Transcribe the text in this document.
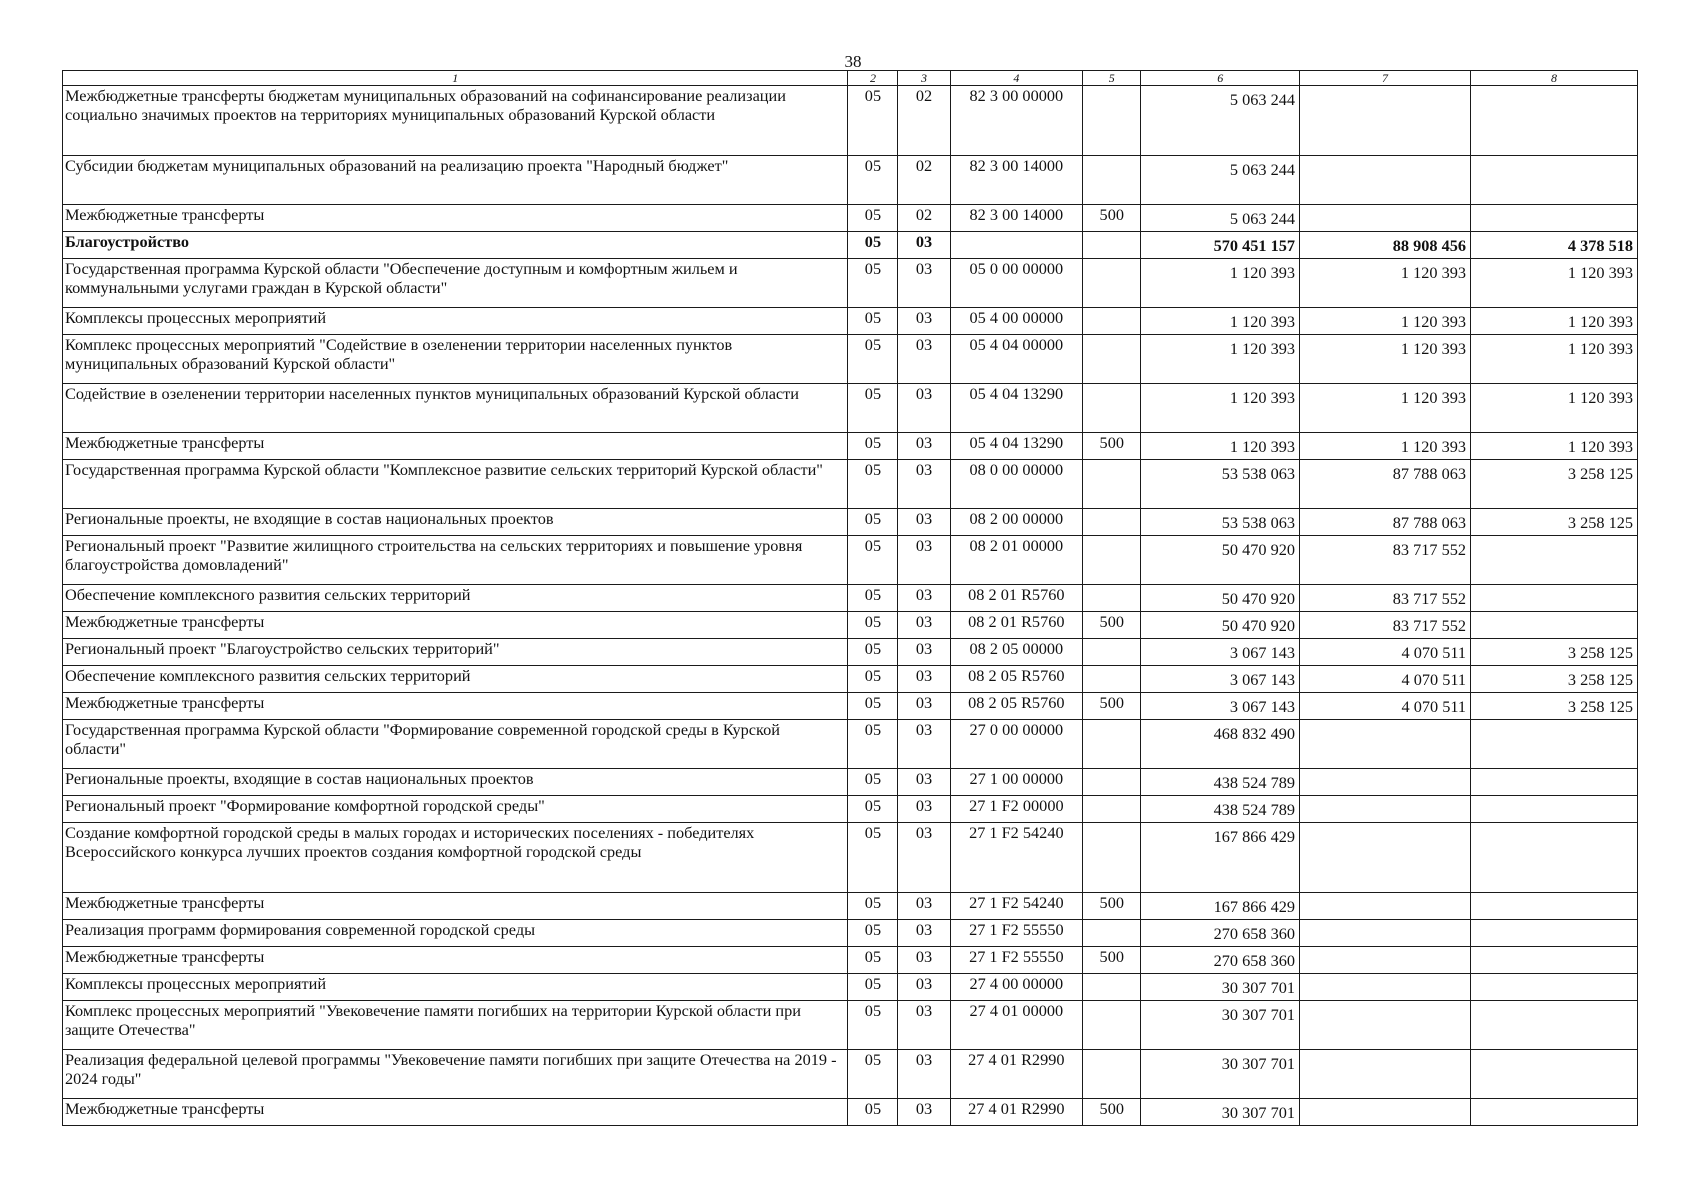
38
1	2	3	4	5	6	7	8
Межбюджетные трансферты бюджетам муниципальных образований на софинансирование реализации социально значимых проектов на территориях муниципальных образований Курской области	05	02	82 3 00 00000		5 063 244		
Субсидии бюджетам муниципальных образований на реализацию проекта "Народный бюджет"	05	02	82 3 00 14000		5 063 244		
Межбюджетные трансферты	05	02	82 3 00 14000	500	5 063 244		
Благоустройство	05	03			570 451 157	88 908 456	4 378 518
Государственная программа Курской области "Обеспечение доступным и комфортным жильем и коммунальными услугами граждан в Курской области"	05	03	05 0 00 00000		1 120 393	1 120 393	1 120 393
Комплексы процессных мероприятий	05	03	05 4 00 00000		1 120 393	1 120 393	1 120 393
Комплекс процессных мероприятий "Содействие в озеленении территории населенных пунктов муниципальных образований Курской области"	05	03	05 4 04 00000		1 120 393	1 120 393	1 120 393
Содействие в озеленении территории населенных пунктов муниципальных образований Курской области	05	03	05 4 04 13290		1 120 393	1 120 393	1 120 393
Межбюджетные трансферты	05	03	05 4 04 13290	500	1 120 393	1 120 393	1 120 393
Государственная программа Курской области "Комплексное развитие сельских территорий Курской области"	05	03	08 0 00 00000		53 538 063	87 788 063	3 258 125
Региональные проекты, не входящие в состав национальных проектов	05	03	08 2 00 00000		53 538 063	87 788 063	3 258 125
Региональный проект "Развитие жилищного строительства на сельских территориях и повышение уровня благоустройства домовладений"	05	03	08 2 01 00000		50 470 920	83 717 552	
Обеспечение комплексного развития сельских территорий	05	03	08 2 01 R5760		50 470 920	83 717 552	
Межбюджетные трансферты	05	03	08 2 01 R5760	500	50 470 920	83 717 552	
Региональный проект "Благоустройство сельских территорий"	05	03	08 2 05 00000		3 067 143	4 070 511	3 258 125
Обеспечение комплексного развития сельских территорий	05	03	08 2 05 R5760		3 067 143	4 070 511	3 258 125
Межбюджетные трансферты	05	03	08 2 05 R5760	500	3 067 143	4 070 511	3 258 125
Государственная программа Курской области "Формирование современной городской среды в Курской области"	05	03	27 0 00 00000		468 832 490		
Региональные проекты, входящие в состав национальных проектов	05	03	27 1 00 00000		438 524 789		
Региональный проект "Формирование комфортной городской среды"	05	03	27 1 F2 00000		438 524 789		
Создание комфортной городской среды в малых городах и исторических поселениях - победителях Всероссийского конкурса лучших проектов создания комфортной городской среды	05	03	27 1 F2 54240		167 866 429		
Межбюджетные трансферты	05	03	27 1 F2 54240	500	167 866 429		
Реализация программ формирования современной городской среды	05	03	27 1 F2 55550		270 658 360		
Межбюджетные трансферты	05	03	27 1 F2 55550	500	270 658 360		
Комплексы процессных мероприятий	05	03	27 4 00 00000		30 307 701		
Комплекс процессных мероприятий "Увековечение памяти погибших на территории Курской области при защите Отечества"	05	03	27 4 01 00000		30 307 701		
Реализация федеральной целевой программы "Увековечение памяти погибших при защите Отечества на 2019 - 2024 годы"	05	03	27 4 01 R2990		30 307 701		
Межбюджетные трансферты	05	03	27 4 01 R2990	500	30 307 701		
